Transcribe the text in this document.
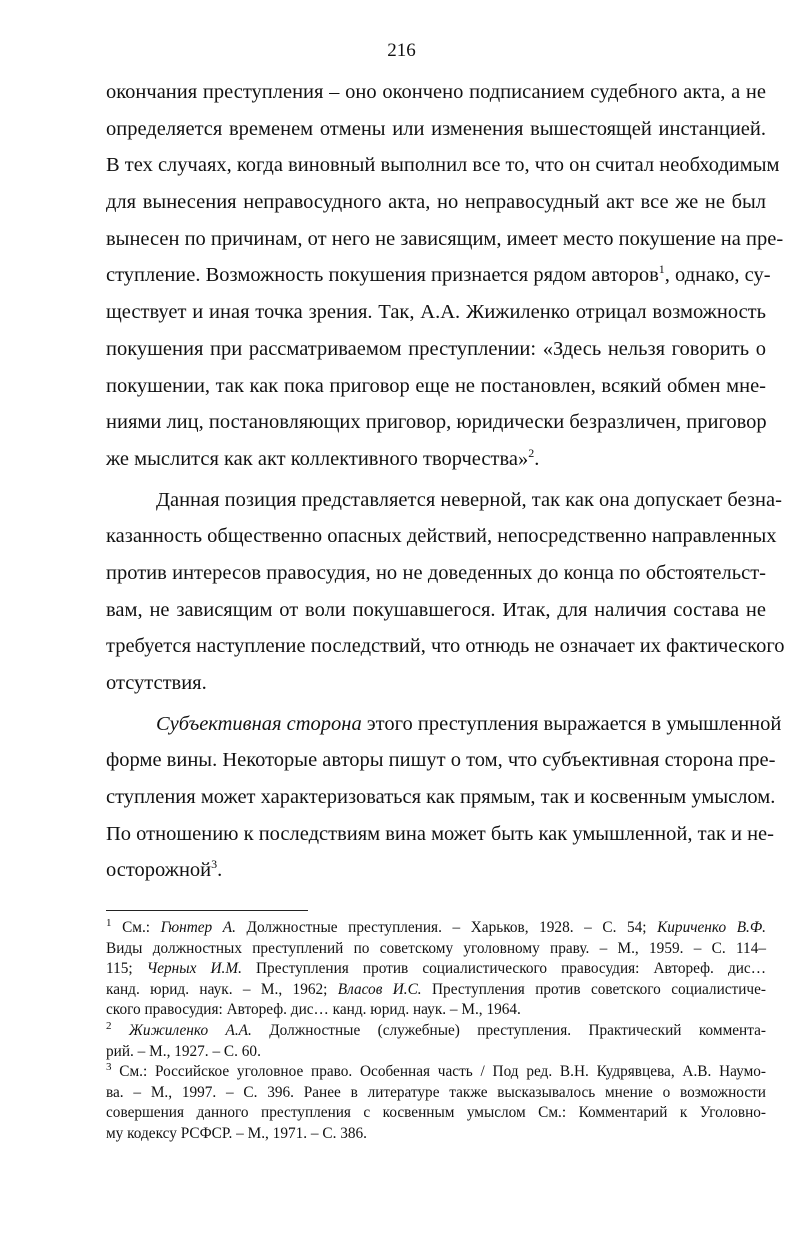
216
окончания преступления – оно окончено подписанием судебного акта, а не
определяется временем отмены или изменения вышестоящей инстанцией.
В тех случаях, когда виновный выполнил все то, что он считал необходимым
для вынесения неправосудного акта, но неправосудный акт все же не был
вынесен по причинам, от него не зависящим, имеет место покушение на пре-
ступление. Возможность покушения признается рядом авторов$^1$, однако, су-
ществует и иная точка зрения. Так, А.А. Жижиленко отрицал возможность
покушения при рассматриваемом преступлении: «Здесь нельзя говорить о
покушении, так как пока приговор еще не постановлен, всякий обмен мне-
ниями лиц, постановляющих приговор, юридически безразличен, приговор
же мыслится как акт коллективного творчества»$^2$.
Данная позиция представляется неверной, так как она допускает безна-
казанность общественно опасных действий, непосредственно направленных
против интересов правосудия, но не доведенных до конца по обстоятельст-
вам, не зависящим от воли покушавшегося. Итак, для наличия состава не
требуется наступление последствий, что отнюдь не означает их фактического
отсутствия.
Субъективная сторона этого преступления выражается в умышленной
форме вины. Некоторые авторы пишут о том, что субъективная сторона пре-
ступления может характеризоваться как прямым, так и косвенным умыслом.
По отношению к последствиям вина может быть как умышленной, так и не-
осторожной$^3$.
$^1$ См.: Гюнтер А. Должностные преступления. – Харьков, 1928. – С. 54; Кириченко В.Ф.
Виды должностных преступлений по советскому уголовному праву. – М., 1959. – С. 114–
115; Черных И.М. Преступления против социалистического правосудия: Автореф. дис…
канд. юрид. наук. – М., 1962; Власов И.С. Преступления против советского социалистиче-
ского правосудия: Автореф. дис… канд. юрид. наук. – М., 1964.
$^2$ Жижиленко А.А. Должностные (служебные) преступления. Практический коммента-
рий. – М., 1927. – С. 60.
$^3$ См.: Российское уголовное право. Особенная часть / Под ред. В.Н. Кудрявцева, А.В. Наумо-
ва. – М., 1997. – С. 396. Ранее в литературе также высказывалось мнение о возможности
совершения данного преступления с косвенным умыслом См.: Комментарий к Уголовно-
му кодексу РСФСР. – М., 1971. – С. 386.
